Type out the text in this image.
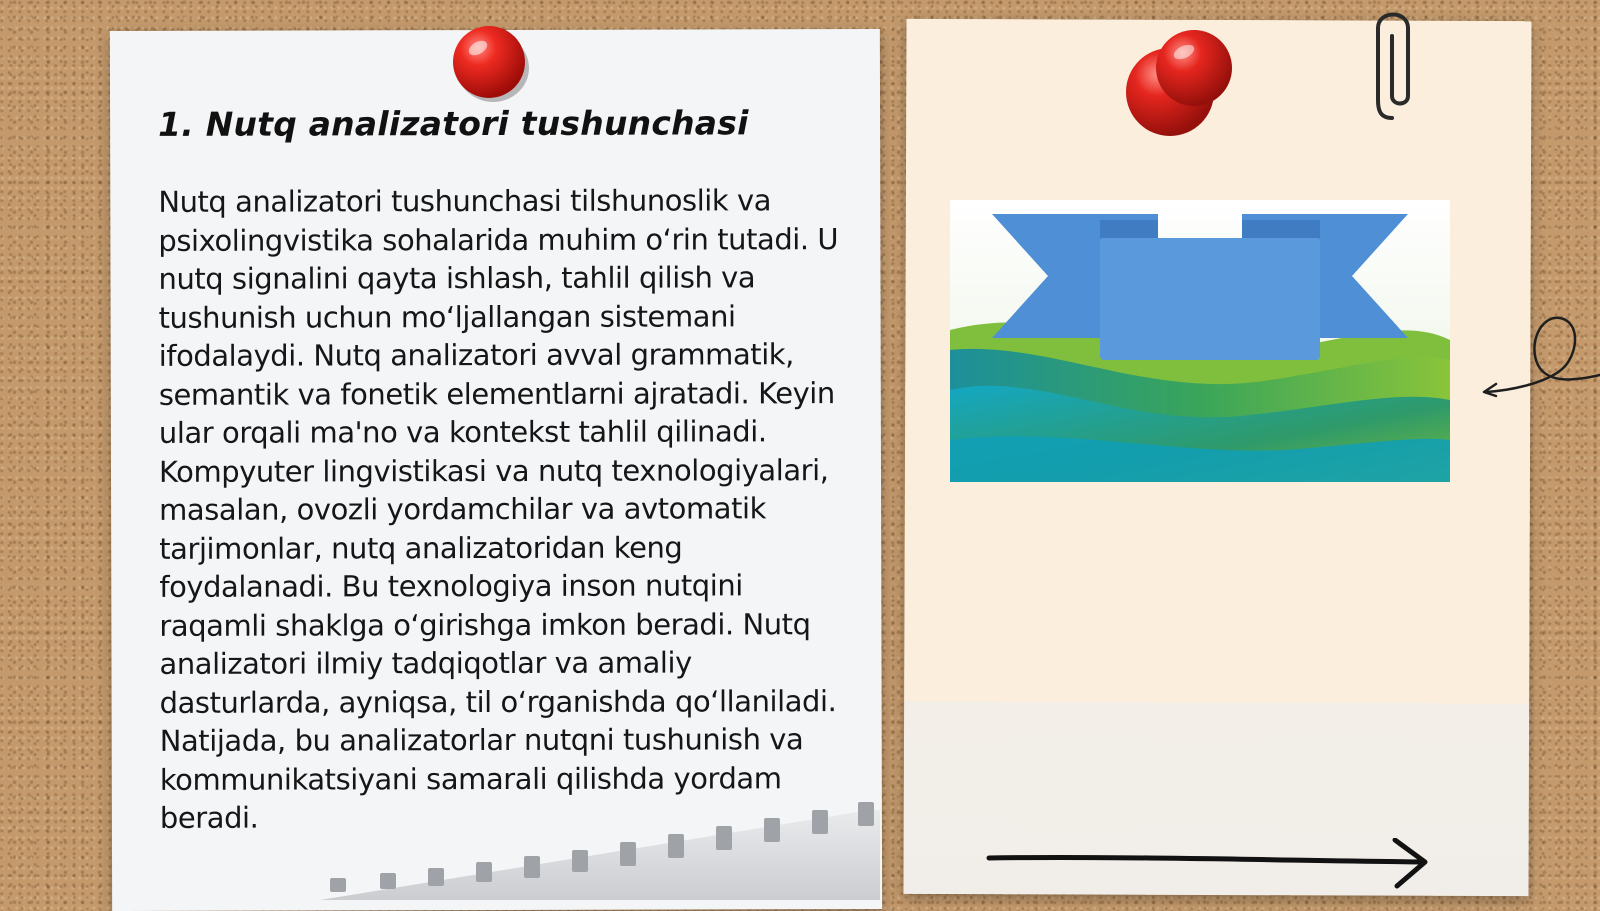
1. Nutq analizatori tushunchasi

Nutq analizatori tushunchasi tilshunoslik va psixolingvistika sohalarida muhim o‘rin tutadi. U nutq signalini qayta ishlash, tahlil qilish va tushunish uchun mo‘ljallangan sistemani ifodalaydi. Nutq analizatori avval grammatik, semantik va fonetik elementlarni ajratadi. Keyin ular orqali ma'no va kontekst tahlil qilinadi. Kompyuter lingvistikasi va nutq texnologiyalari, masalan, ovozli yordamchilar va avtomatik tarjimonlar, nutq analizatoridan keng foydalanadi. Bu texnologiya inson nutqini raqamli shaklga o‘girishga imkon beradi. Nutq analizatori ilmiy tadqiqotlar va amaliy dasturlarda, ayniqsa, til o‘rganishda qo‘llaniladi. Natijada, bu analizatorlar nutqni tushunish va kommunikatsiyani samarali qilishda yordam beradi.
